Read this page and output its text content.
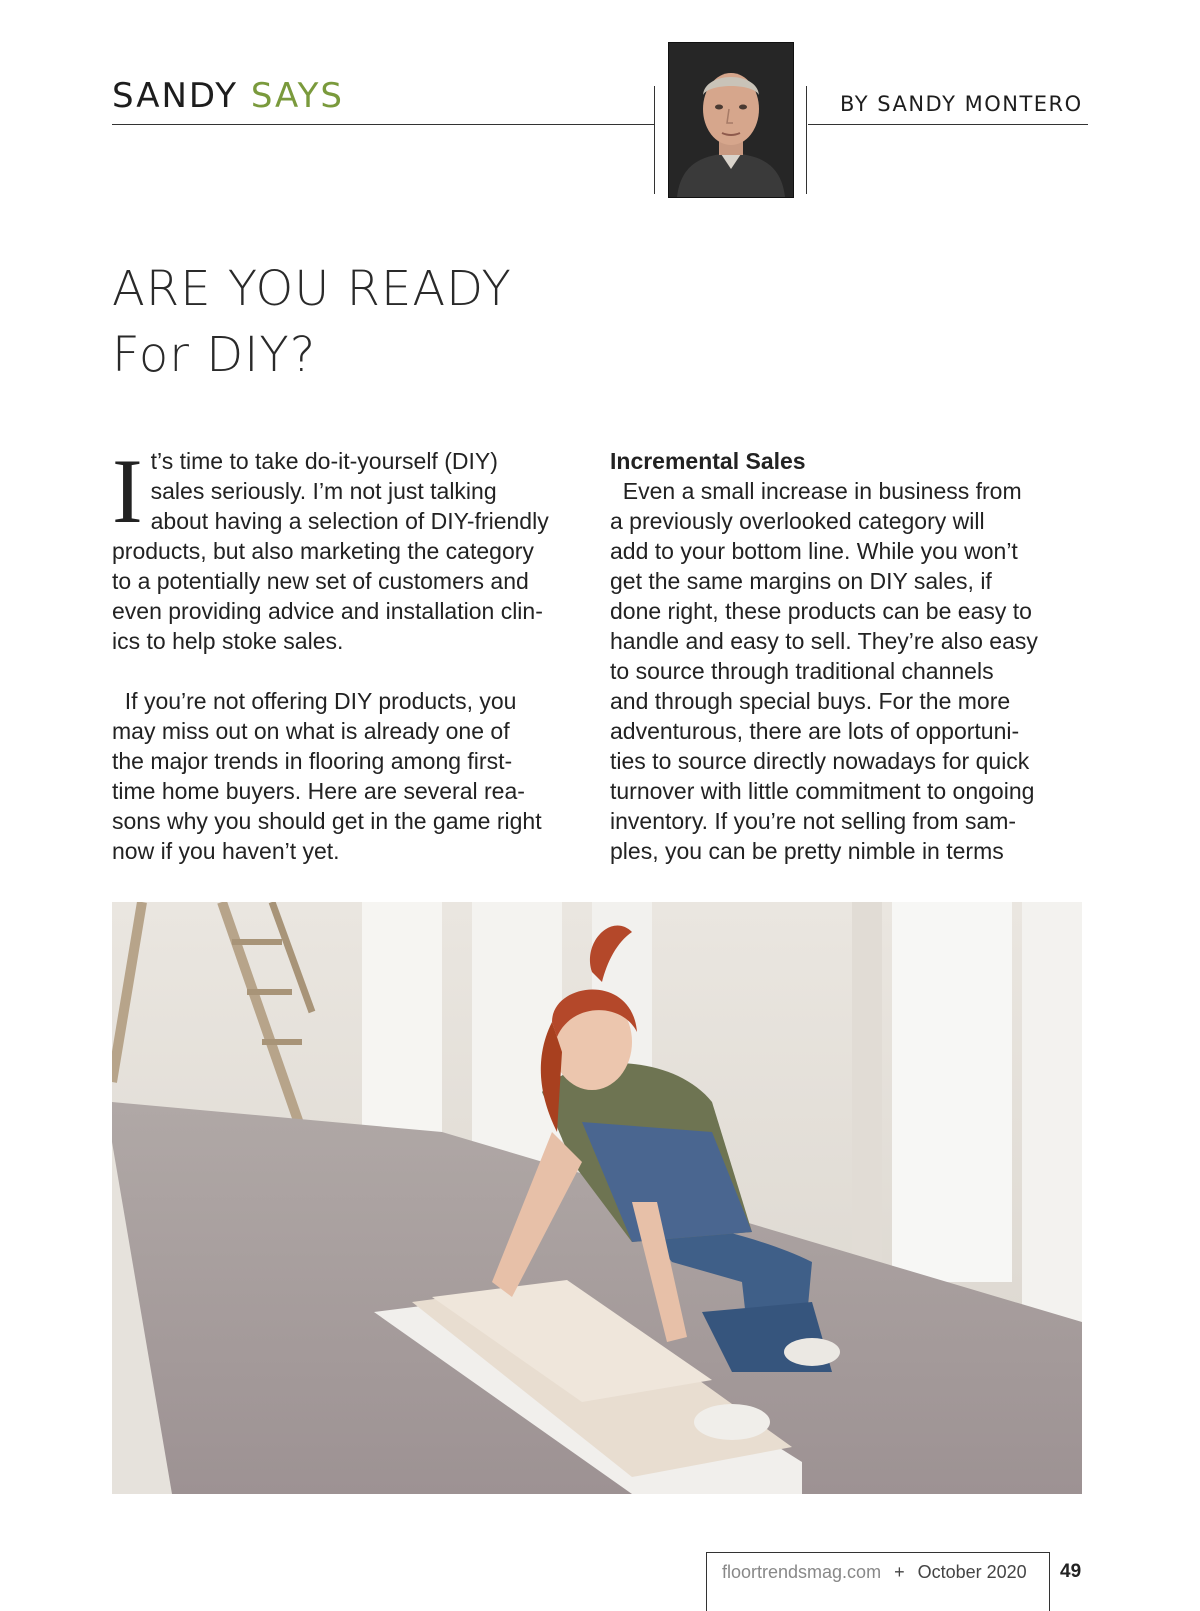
SANDY SAYS	BY SANDY MONTERO
ARE YOU READY
For DIY?
I t’s time to take do-it-yourself (DIY)

sales seriously. I’m not just talking

about having a selection of DIY-friendly

products, but also marketing the category

to a potentially new set of customers and

even providing advice and installation clin-

ics to help stoke sales.

If you’re not offering DIY products, you

may miss out on what is already one of

the major trends in flooring among first-

time home buyers. Here are several rea-

sons why you should get in the game right

now if you haven’t yet.

Incremental Sales

Even a small increase in business from

a previously overlooked category will

add to your bottom line. While you won’t

get the same margins on DIY sales, if

done right, these products can be easy to

handle and easy to sell. They’re also easy

to source through traditional channels

and through special buys. For the more

adventurous, there are lots of opportuni-

ties to source directly nowadays for quick

turnover with little commitment to ongoing

inventory. If you’re not selling from sam-

ples, you can be pretty nimble in terms

floortrendsmag.com + October 2020 49
